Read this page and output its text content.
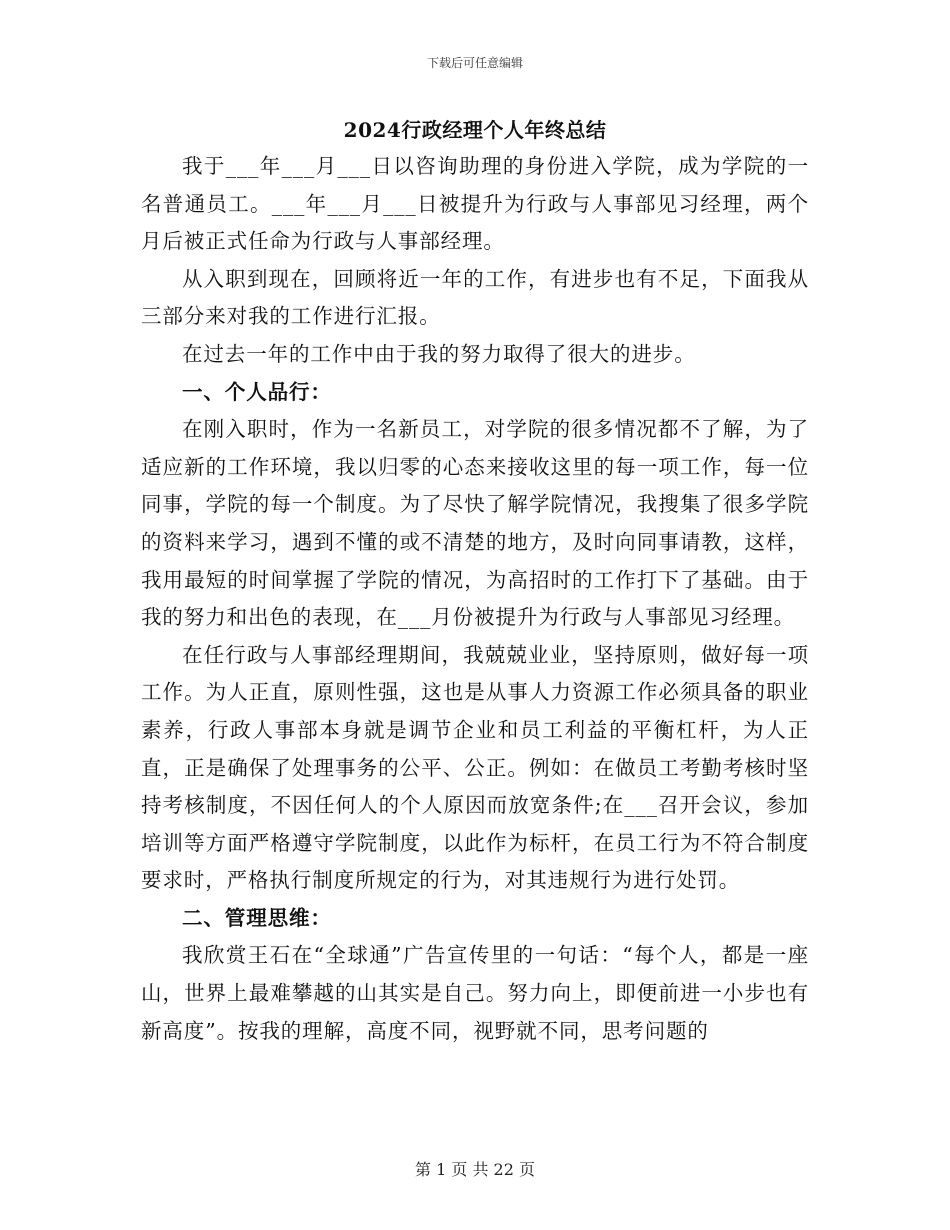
下载后可任意编辑
2024行政经理个人年终总结

我于___年___月___日以咨询助理的身份进入学院，成为学院的一名普通员工。___年___月___日被提升为行政与人事部见习经理，两个月后被正式任命为行政与人事部经理。

从入职到现在，回顾将近一年的工作，有进步也有不足，下面我从三部分来对我的工作进行汇报。

在过去一年的工作中由于我的努力取得了很大的进步。

一、个人品行：

在刚入职时，作为一名新员工，对学院的很多情况都不了解，为了适应新的工作环境，我以归零的心态来接收这里的每一项工作，每一位同事，学院的每一个制度。为了尽快了解学院情况，我搜集了很多学院的资料来学习，遇到不懂的或不清楚的地方，及时向同事请教，这样，我用最短的时间掌握了学院的情况，为高招时的工作打下了基础。由于我的努力和出色的表现，在___月份被提升为行政与人事部见习经理。

在任行政与人事部经理期间，我兢兢业业，坚持原则，做好每一项工作。为人正直，原则性强，这也是从事人力资源工作必须具备的职业素养，行政人事部本身就是调节企业和员工利益的平衡杠杆，为人正直，正是确保了处理事务的公平、公正。例如：在做员工考勤考核时坚持考核制度，不因任何人的个人原因而放宽条件;在___召开会议，参加培训等方面严格遵守学院制度，以此作为标杆，在员工行为不符合制度要求时，严格执行制度所规定的行为，对其违规行为进行处罚。

二、管理思维：

我欣赏王石在“全球通”广告宣传里的一句话：“每个人，都是一座山，世界上最难攀越的山其实是自己。努力向上，即便前进一小步也有新高度”。按我的理解，高度不同，视野就不同，思考问题的

第 1 页 共 22 页
